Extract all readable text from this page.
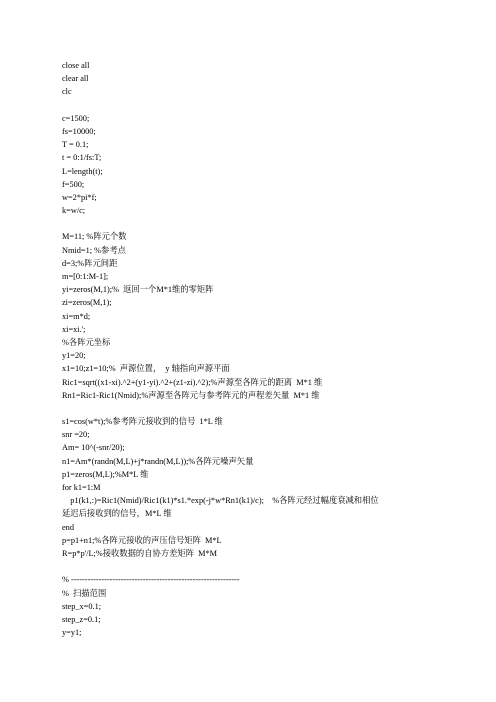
close all
clear all
clc
c=1500;
fs=10000;
T = 0.1;
t = 0:1/fs:T;
L=length(t);
f=500;
w=2*pi*f;
k=w/c;
M=11; %阵元个数
Nmid=1; %参考点
d=3;%阵元间距
m=[0:1:M-1];
yi=zeros(M,1);%  返回一个M*1维的零矩阵
zi=zeros(M,1);
xi=m*d;
xi=xi.';
%各阵元坐标
y1=20;
x1=10;z1=10;%  声源位置，  y 轴指向声源平面
Ric1=sqrt((x1-xi).^2+(y1-yi).^2+(z1-zi).^2);%声源至各阵元的距离  M*1 维
Rn1=Ric1-Ric1(Nmid);%声源至各阵元与参考阵元的声程差矢量  M*1 维
s1=cos(w*t);%参考阵元接收到的信号  1*L 维
snr =20;
Am= 10^(-snr/20);
n1=Am*(randn(M,L)+j*randn(M,L));%各阵元噪声矢量
p1=zeros(M,L);%M*L 维
for k1=1:M
p1(k1,:)=Ric1(Nmid)/Ric1(k1)*s1.*exp(-j*w*Rn1(k1)/c);    %各阵元经过幅度衰减和相位
延迟后接收到的信号，M*L 维
end
p=p1+n1;%各阵元接收的声压信号矩阵  M*L
R=p*p'/L;%接收数据的自协方差矩阵  M*M
% -------------------------------------------------------------
%  扫描范围
step_x=0.1;
step_z=0.1;
y=y1;
